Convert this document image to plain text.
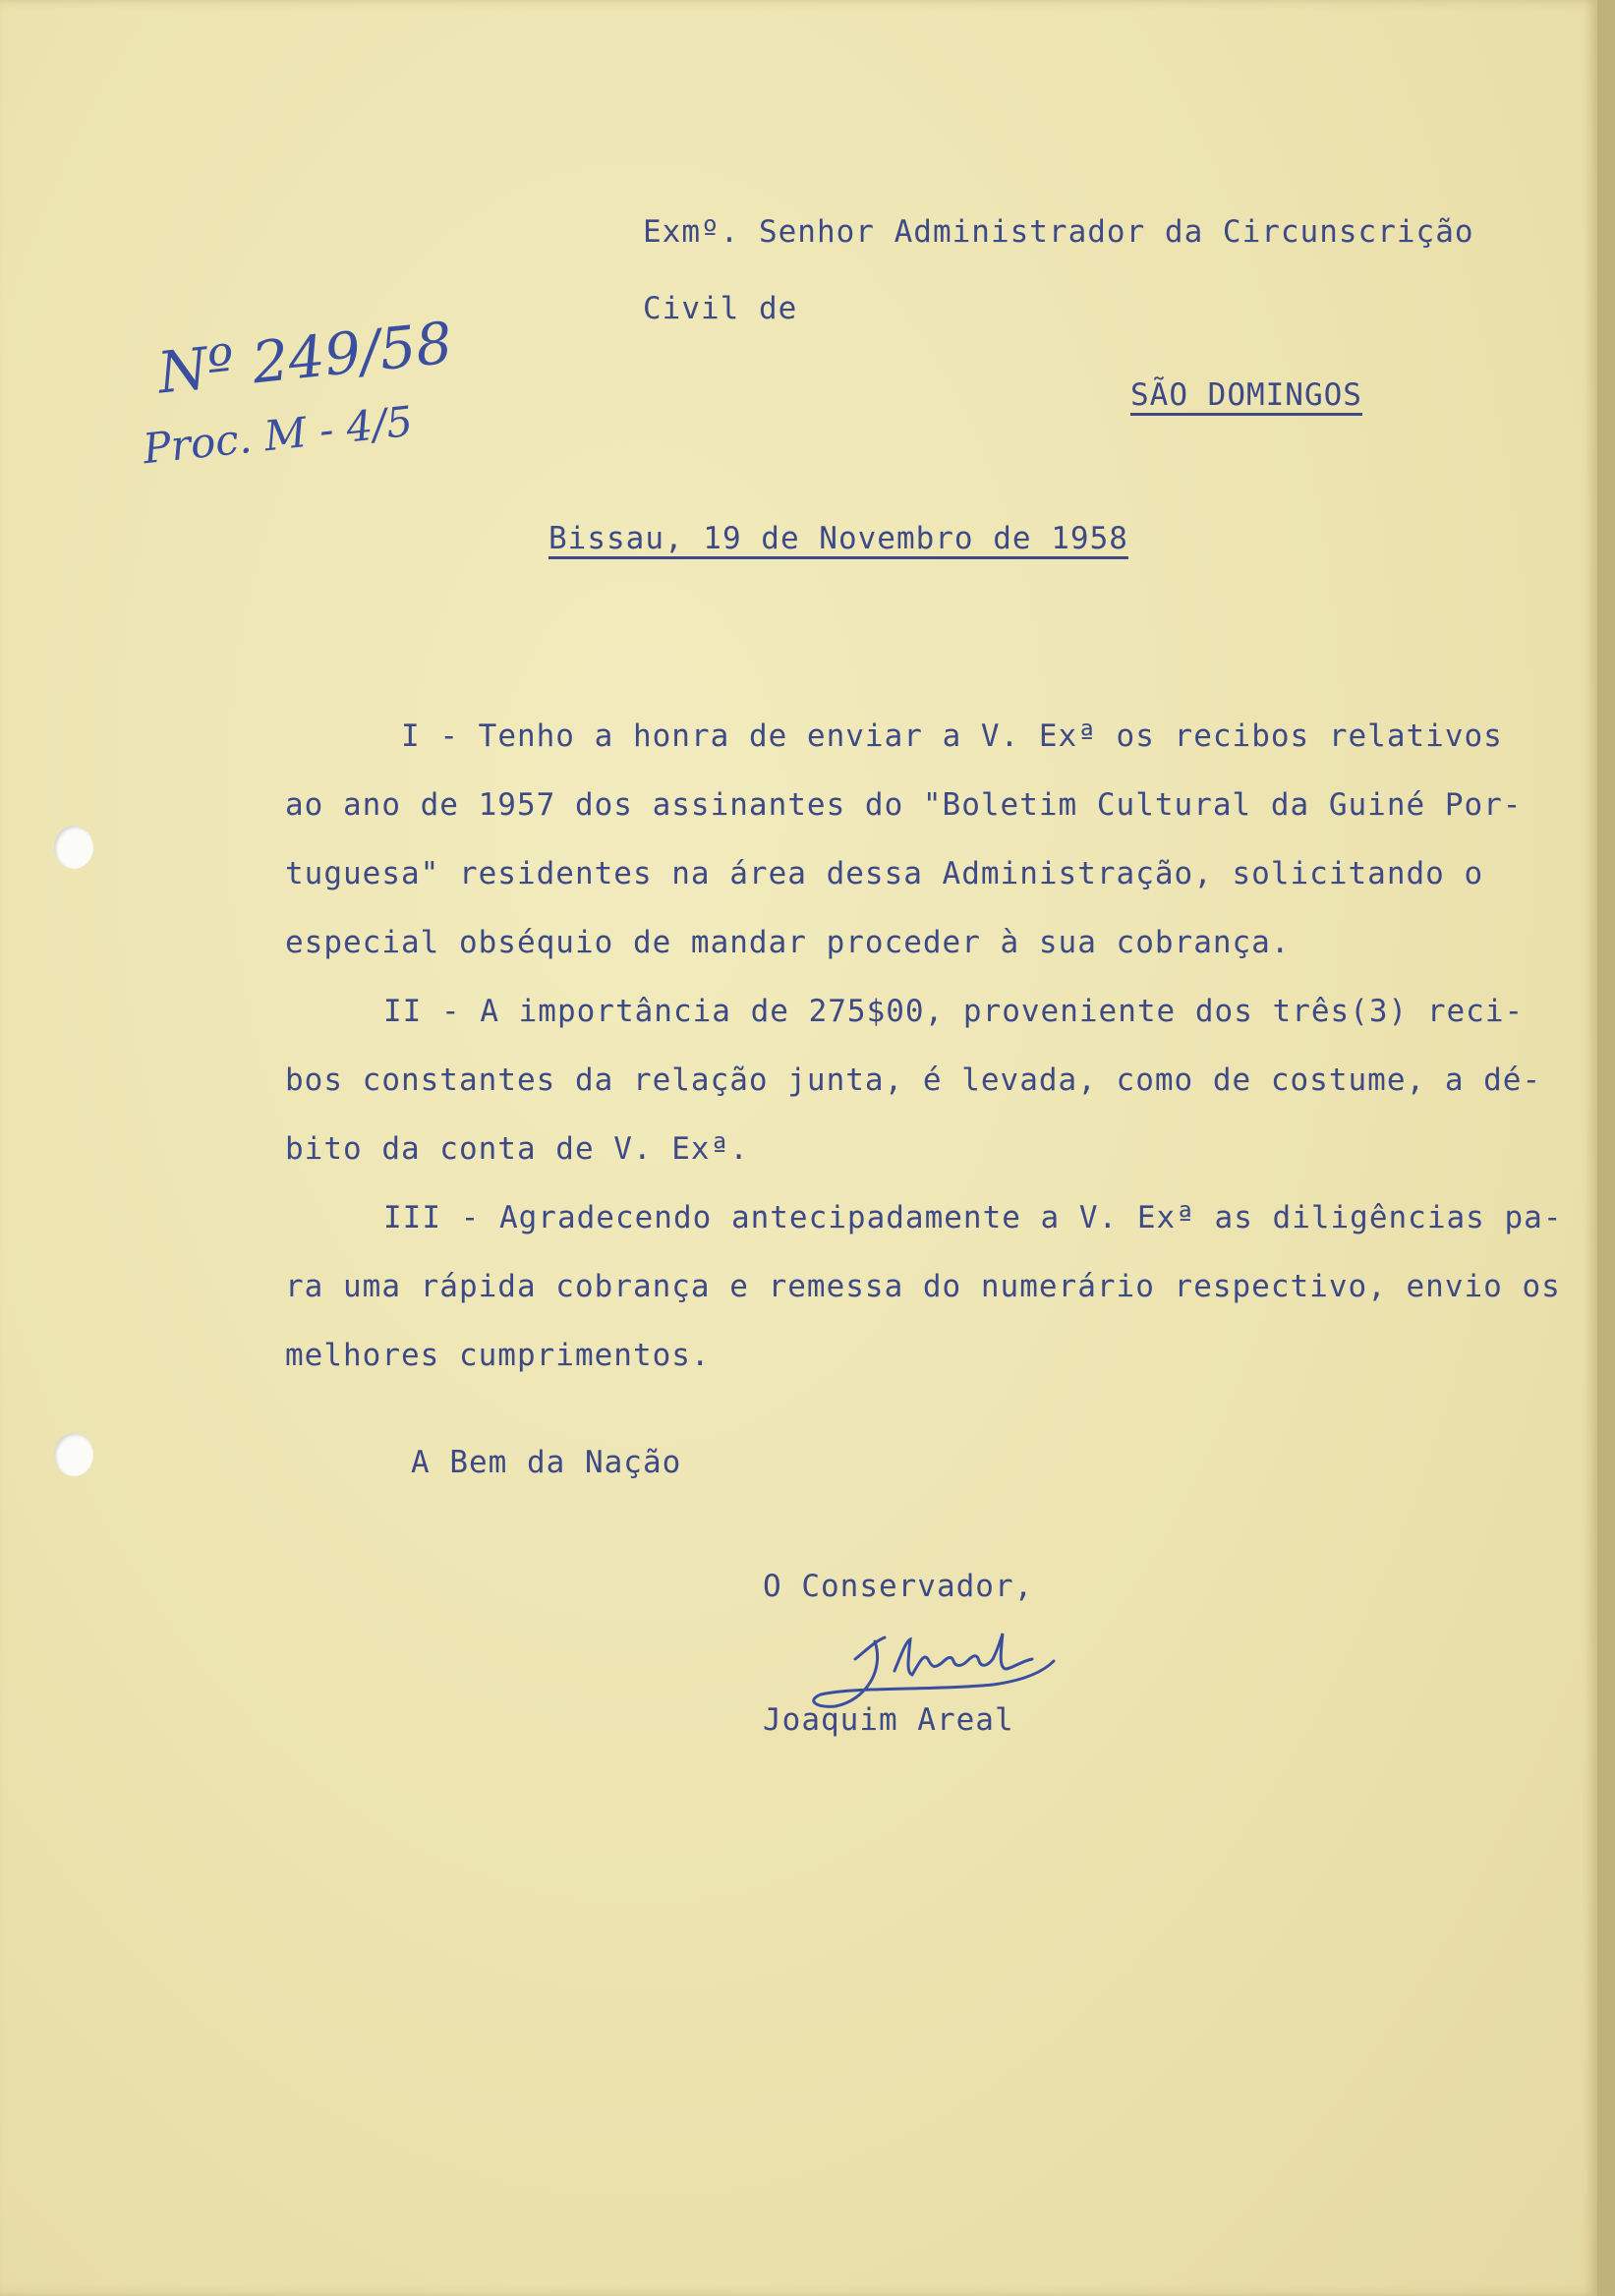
Exmº. Senhor Administrador da Circunscrição
Civil de
SÃO DOMINGOS
Nº 249/58
Proc. M - 4/5
Bissau, 19 de Novembro de 1958
I - Tenho a honra de enviar a V. Exª os recibos relativos
ao ano de 1957 dos assinantes do "Boletim Cultural da Guiné Por-
tuguesa" residentes na área dessa Administração, solicitando o
especial obséquio de mandar proceder à sua cobrança.
II - A importância de 275$00, proveniente dos três(3) reci-
bos constantes da relação junta, é levada, como de costume, a dé-
bito da conta de V. Exª.
III - Agradecendo antecipadamente a V. Exª as diligências pa-
ra uma rápida cobrança e remessa do numerário respectivo, envio os
melhores cumprimentos.
A Bem da Nação
O Conservador,
Joaquim Areal
